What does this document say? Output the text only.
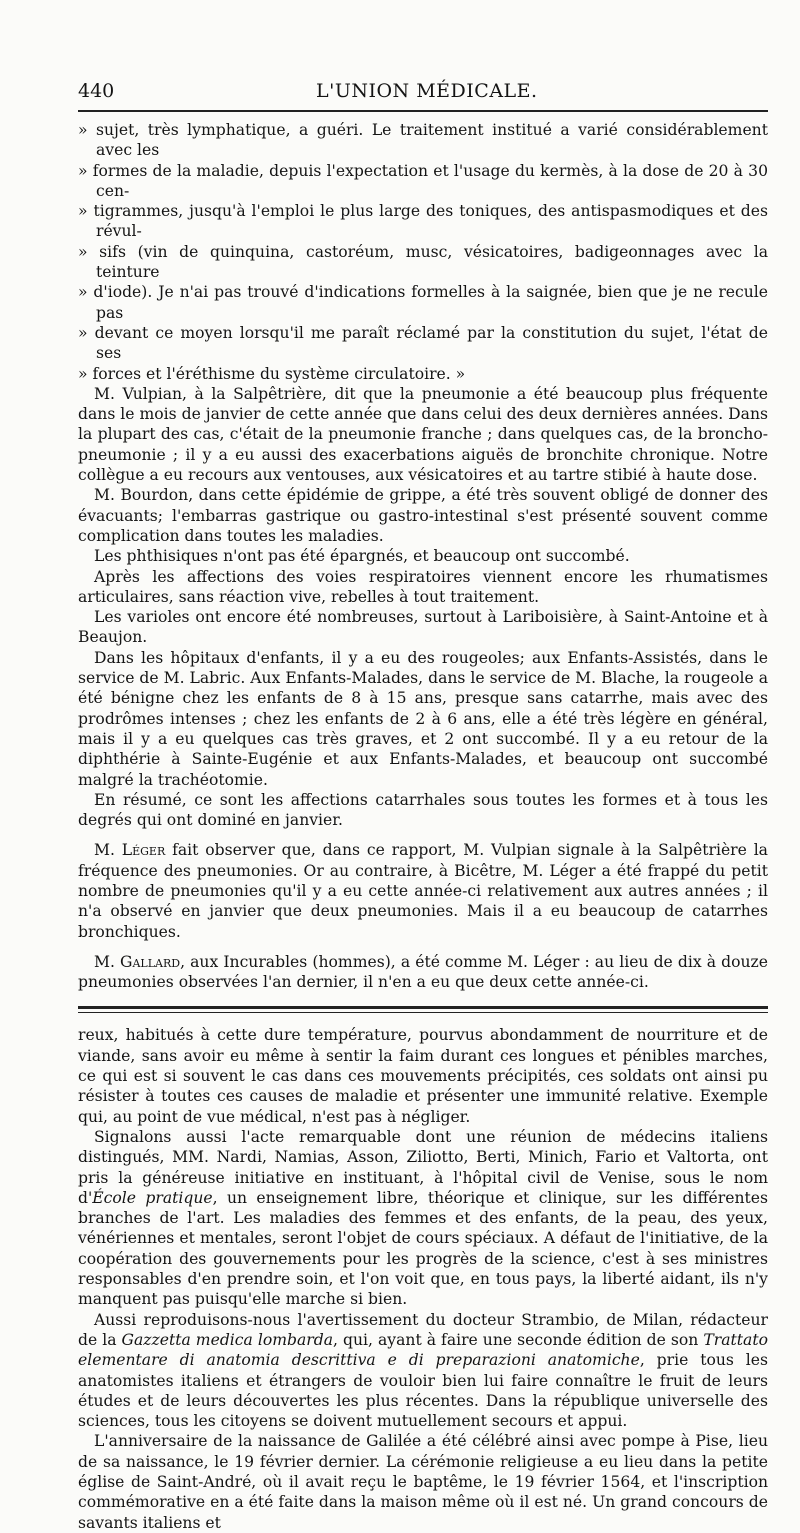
440	L'UNION MÉDICALE.

» sujet, très lymphatique, a guéri. Le traitement institué a varié considérablement avec les

» formes de la maladie, depuis l'expectation et l'usage du kermès, à la dose de 20 à 30 cen-

» tigrammes, jusqu'à l'emploi le plus large des toniques, des antispasmodiques et des révul-

» sifs (vin de quinquina, castoréum, musc, vésicatoires, badigeonnages avec la teinture

» d'iode). Je n'ai pas trouvé d'indications formelles à la saignée, bien que je ne recule pas

» devant ce moyen lorsqu'il me paraît réclamé par la constitution du sujet, l'état de ses

» forces et l'éréthisme du système circulatoire. »

M. Vulpian, à la Salpêtrière, dit que la pneumonie a été beaucoup plus fréquente dans le mois de janvier de cette année que dans celui des deux dernières années. Dans la plupart des cas, c'était de la pneumonie franche ; dans quelques cas, de la broncho-pneumonie ; il y a eu aussi des exacerbations aiguës de bronchite chronique. Notre collègue a eu recours aux ventouses, aux vésicatoires et au tartre stibié à haute dose.

M. Bourdon, dans cette épidémie de grippe, a été très souvent obligé de donner des évacuants; l'embarras gastrique ou gastro-intestinal s'est présenté souvent comme complication dans toutes les maladies.

Les phthisiques n'ont pas été épargnés, et beaucoup ont succombé.

Après les affections des voies respiratoires viennent encore les rhumatismes articulaires, sans réaction vive, rebelles à tout traitement.

Les varioles ont encore été nombreuses, surtout à Lariboisière, à Saint-Antoine et à Beaujon.

Dans les hôpitaux d'enfants, il y a eu des rougeoles; aux Enfants-Assistés, dans le service de M. Labric. Aux Enfants-Malades, dans le service de M. Blache, la rougeole a été bénigne chez les enfants de 8 à 15 ans, presque sans catarrhe, mais avec des prodrômes intenses ; chez les enfants de 2 à 6 ans, elle a été très légère en général, mais il y a eu quelques cas très graves, et 2 ont succombé. Il y a eu retour de la diphthérie à Sainte-Eugénie et aux Enfants-Malades, et beaucoup ont succombé malgré la trachéotomie.

En résumé, ce sont les affections catarrhales sous toutes les formes et à tous les degrés qui ont dominé en janvier.

M. Léger fait observer que, dans ce rapport, M. Vulpian signale à la Salpêtrière la fréquence des pneumonies. Or au contraire, à Bicêtre, M. Léger a été frappé du petit nombre de pneumonies qu'il y a eu cette année-ci relativement aux autres années ; il n'a observé en janvier que deux pneumonies. Mais il a eu beaucoup de catarrhes bronchiques.

M. Gallard, aux Incurables (hommes), a été comme M. Léger : au lieu de dix à douze pneumonies observées l'an dernier, il n'en a eu que deux cette année-ci.

reux, habitués à cette dure température, pourvus abondamment de nourriture et de viande, sans avoir eu même à sentir la faim durant ces longues et pénibles marches, ce qui est si souvent le cas dans ces mouvements précipités, ces soldats ont ainsi pu résister à toutes ces causes de maladie et présenter une immunité relative. Exemple qui, au point de vue médical, n'est pas à négliger.

Signalons aussi l'acte remarquable dont une réunion de médecins italiens distingués, MM. Nardi, Namias, Asson, Ziliotto, Berti, Minich, Fario et Valtorta, ont pris la généreuse initiative en instituant, à l'hôpital civil de Venise, sous le nom d'École pratique, un enseignement libre, théorique et clinique, sur les différentes branches de l'art. Les maladies des femmes et des enfants, de la peau, des yeux, vénériennes et mentales, seront l'objet de cours spéciaux. A défaut de l'initiative, de la coopération des gouvernements pour les progrès de la science, c'est à ses ministres responsables d'en prendre soin, et l'on voit que, en tous pays, la liberté aidant, ils n'y manquent pas puisqu'elle marche si bien.

Aussi reproduisons-nous l'avertissement du docteur Strambio, de Milan, rédacteur de la Gazzetta medica lombarda, qui, ayant à faire une seconde édition de son Trattato elementare di anatomia descrittiva e di preparazioni anatomiche, prie tous les anatomistes italiens et étrangers de vouloir bien lui faire connaître le fruit de leurs études et de leurs découvertes les plus récentes. Dans la république universelle des sciences, tous les citoyens se doivent mutuellement secours et appui.

L'anniversaire de la naissance de Galilée a été célébré ainsi avec pompe à Pise, lieu de sa naissance, le 19 février dernier. La cérémonie religieuse a eu lieu dans la petite église de Saint-André, où il avait reçu le baptême, le 19 février 1564, et l'inscription commémorative en a été faite dans la maison même où il est né. Un grand concours de savants italiens et
